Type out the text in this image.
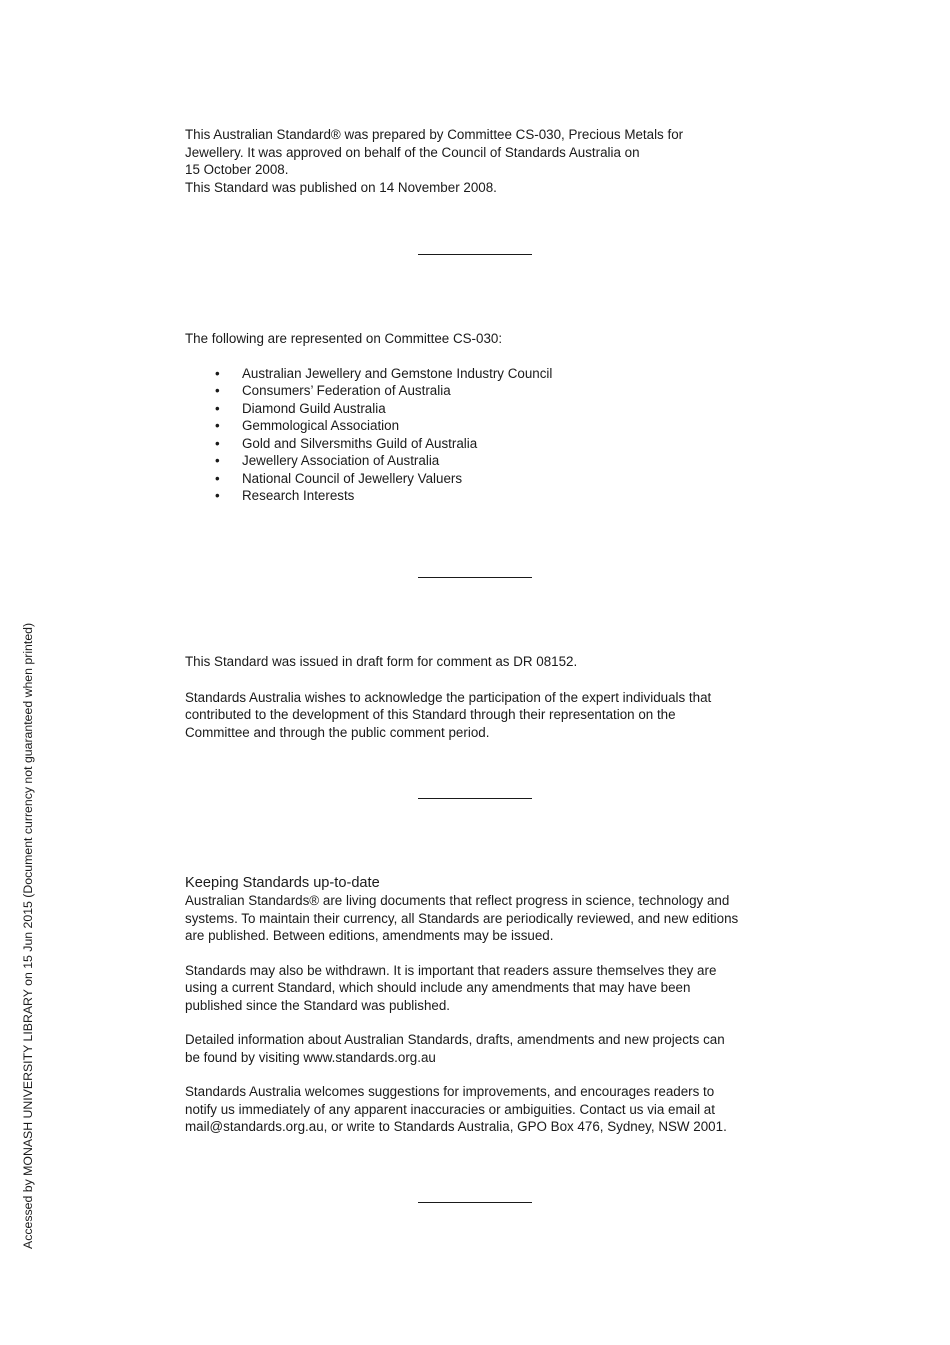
This Australian Standard® was prepared by Committee CS-030, Precious Metals for
Jewellery. It was approved on behalf of the Council of Standards Australia on
15 October 2008.
This Standard was published on 14 November 2008.
The following are represented on Committee CS-030:
• Australian Jewellery and Gemstone Industry Council
• Consumers’ Federation of Australia
• Diamond Guild Australia
• Gemmological Association
• Gold and Silversmiths Guild of Australia
• Jewellery Association of Australia
• National Council of Jewellery Valuers
• Research Interests
This Standard was issued in draft form for comment as DR 08152.
Standards Australia wishes to acknowledge the participation of the expert individuals that
contributed to the development of this Standard through their representation on the
Committee and through the public comment period.
Keeping Standards up-to-date
Australian Standards® are living documents that reflect progress in science, technology and
systems. To maintain their currency, all Standards are periodically reviewed, and new editions
are published. Between editions, amendments may be issued.
Standards may also be withdrawn. It is important that readers assure themselves they are
using a current Standard, which should include any amendments that may have been
published since the Standard was published.
Detailed information about Australian Standards, drafts, amendments and new projects can
be found by visiting www.standards.org.au
Standards Australia welcomes suggestions for improvements, and encourages readers to
notify us immediately of any apparent inaccuracies or ambiguities. Contact us via email at
mail@standards.org.au, or write to Standards Australia, GPO Box 476, Sydney, NSW 2001.
Accessed by MONASH UNIVERSITY LIBRARY on 15 Jun 2015 (Document currency not guaranteed when printed)
